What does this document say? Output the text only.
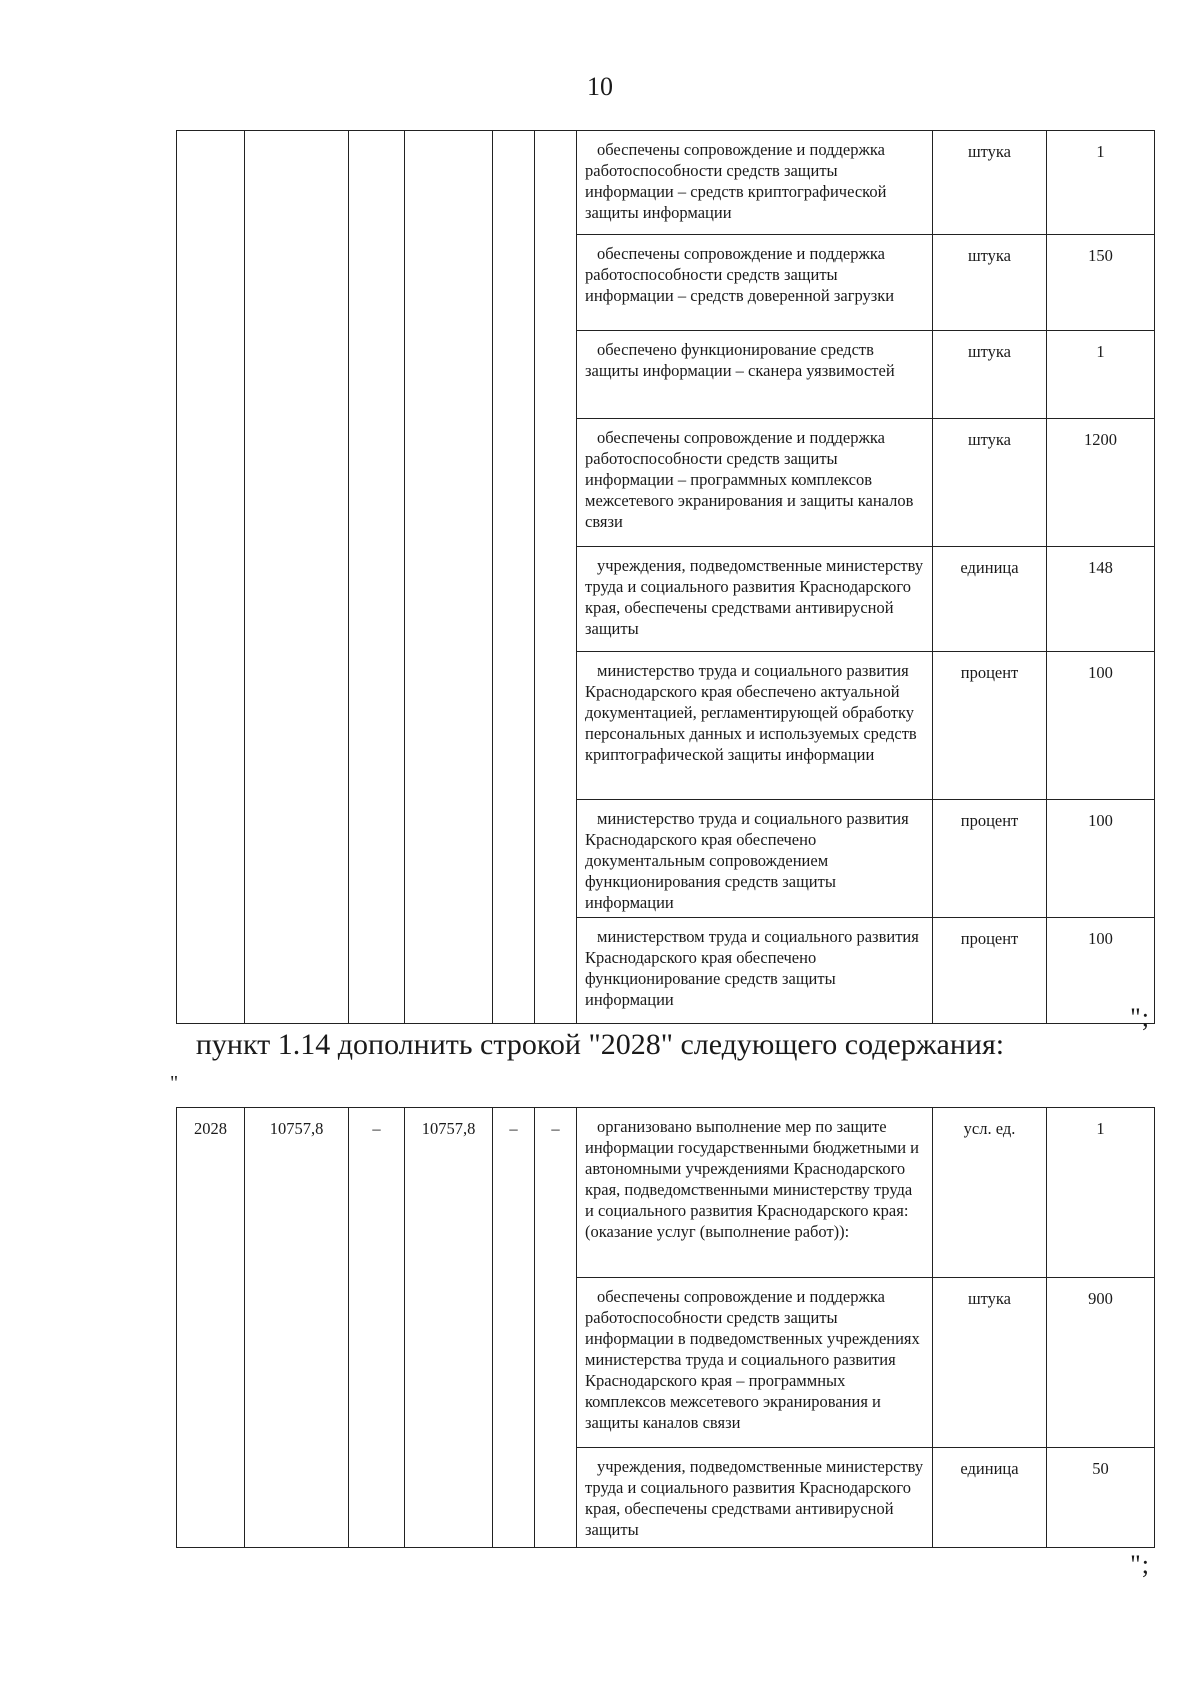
10
						обеспечены сопровождение и поддержка работоспособности средств защиты информации – средств криптографической защиты информации	штука	1
						обеспечены сопровождение и поддержка работоспособности средств защиты информации – средств доверенной загрузки	штука	150
						обеспечено функционирование средств защиты информации – сканера уязвимостей	штука	1
						обеспечены сопровождение и поддержка работоспособности средств защиты информации – программных комплексов межсетевого экранирования и защиты каналов связи	штука	1200
						учреждения, подведомственные министерству труда и социального развития Краснодарского края, обеспечены средствами антивирусной защиты	единица	148
						министерство труда и социального развития Краснодарского края обеспечено актуальной документацией, регламентирующей обработку персональных данных и используемых средств криптографической защиты информации	процент	100
						министерство труда и социального развития Краснодарского края обеспечено документальным сопровождением функционирования средств защиты информации	процент	100
						министерством труда и социального развития Краснодарского края обеспечено функционирование средств защиты информации	процент	100
";
пункт 1.14 дополнить строкой "2028" следующего содержания:
"
2028	10757,8	–	10757,8	–	–	организовано выполнение мер по защите информации государственными бюджетными и автономными учреждениями Краснодарского края, подведомственными министерству труда и социального развития Краснодарского края: (оказание услуг (выполнение работ)):	усл. ед.	1
						обеспечены сопровождение и поддержка работоспособности средств защиты информации в подведомственных учреждениях министерства труда и социального развития Краснодарского края – программных комплексов межсетевого экранирования и защиты каналов связи	штука	900
						учреждения, подведомственные министерству труда и социального развития Краснодарского края, обеспечены средствами антивирусной защиты	единица	50
";
